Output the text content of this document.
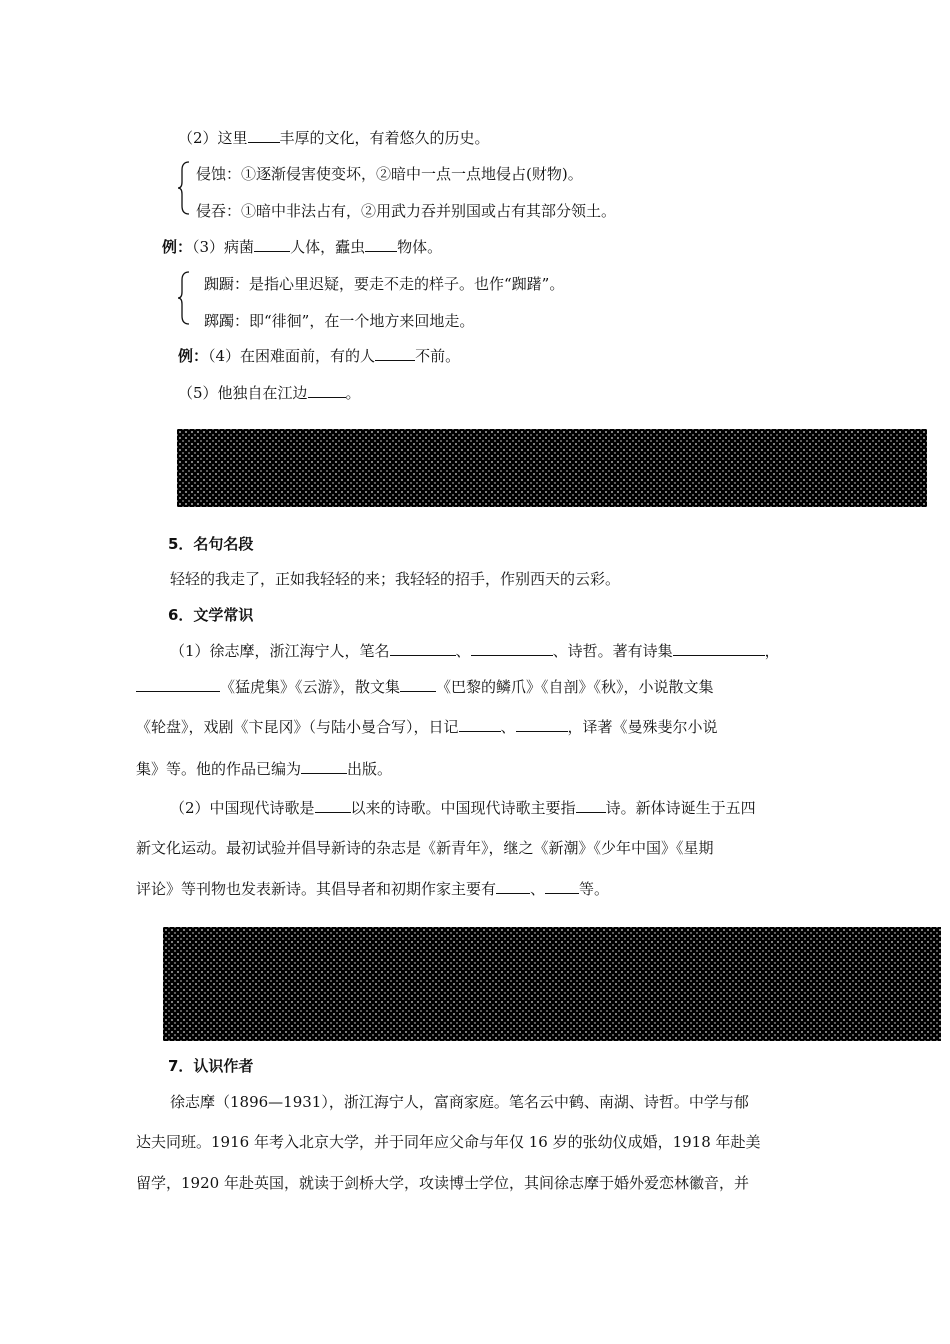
（2）这里 丰厚的文化，有着悠久的历史。
侵蚀：①逐渐侵害使变坏，②暗中一点一点地侵占(财物)。
侵吞：①暗中非法占有，②用武力吞并别国或占有其部分领土。
例：（3）病菌 人体，蠹虫 物体。
踟蹰：是指心里迟疑，要走不走的样子。也作“踟躇”。
踯躅：即“徘徊”，在一个地方来回地走。
例：（4）在困难面前，有的人	不前。
（5）他独自在江边	。
5．名句名段
轻轻的我走了，正如我轻轻的来；我轻轻的招手，作别西天的云彩。
6．文学常识
（1）徐志摩，浙江海宁人，笔名	、	、诗哲。著有诗集	，
《猛虎集》《云游》，散文集 《巴黎的鳞爪》《自剖》《秋》，小说散文集
《轮盘》，戏剧《卞昆冈》（与陆小曼合写），日记	、	，译著《曼殊斐尔小说
集》等。他的作品已编为	出版。
（2）中国现代诗歌是 以来的诗歌。中国现代诗歌主要指 诗。新体诗诞生于五四
新文化运动。最初试验并倡导新诗的杂志是《新青年》，继之《新潮》《少年中国》《星期
评论》等刊物也发表新诗。其倡导者和初期作家主要有 、 等。
7．认识作者
徐志摩（1896—1931），浙江海宁人，富商家庭。笔名云中鹤、南湖、诗哲。中学与郁
达夫同班。1916 年考入北京大学，并于同年应父命与年仅 16 岁的张幼仪成婚，1918 年赴美
留学，1920 年赴英国，就读于剑桥大学，攻读博士学位，其间徐志摩于婚外爱恋林徽音，并
